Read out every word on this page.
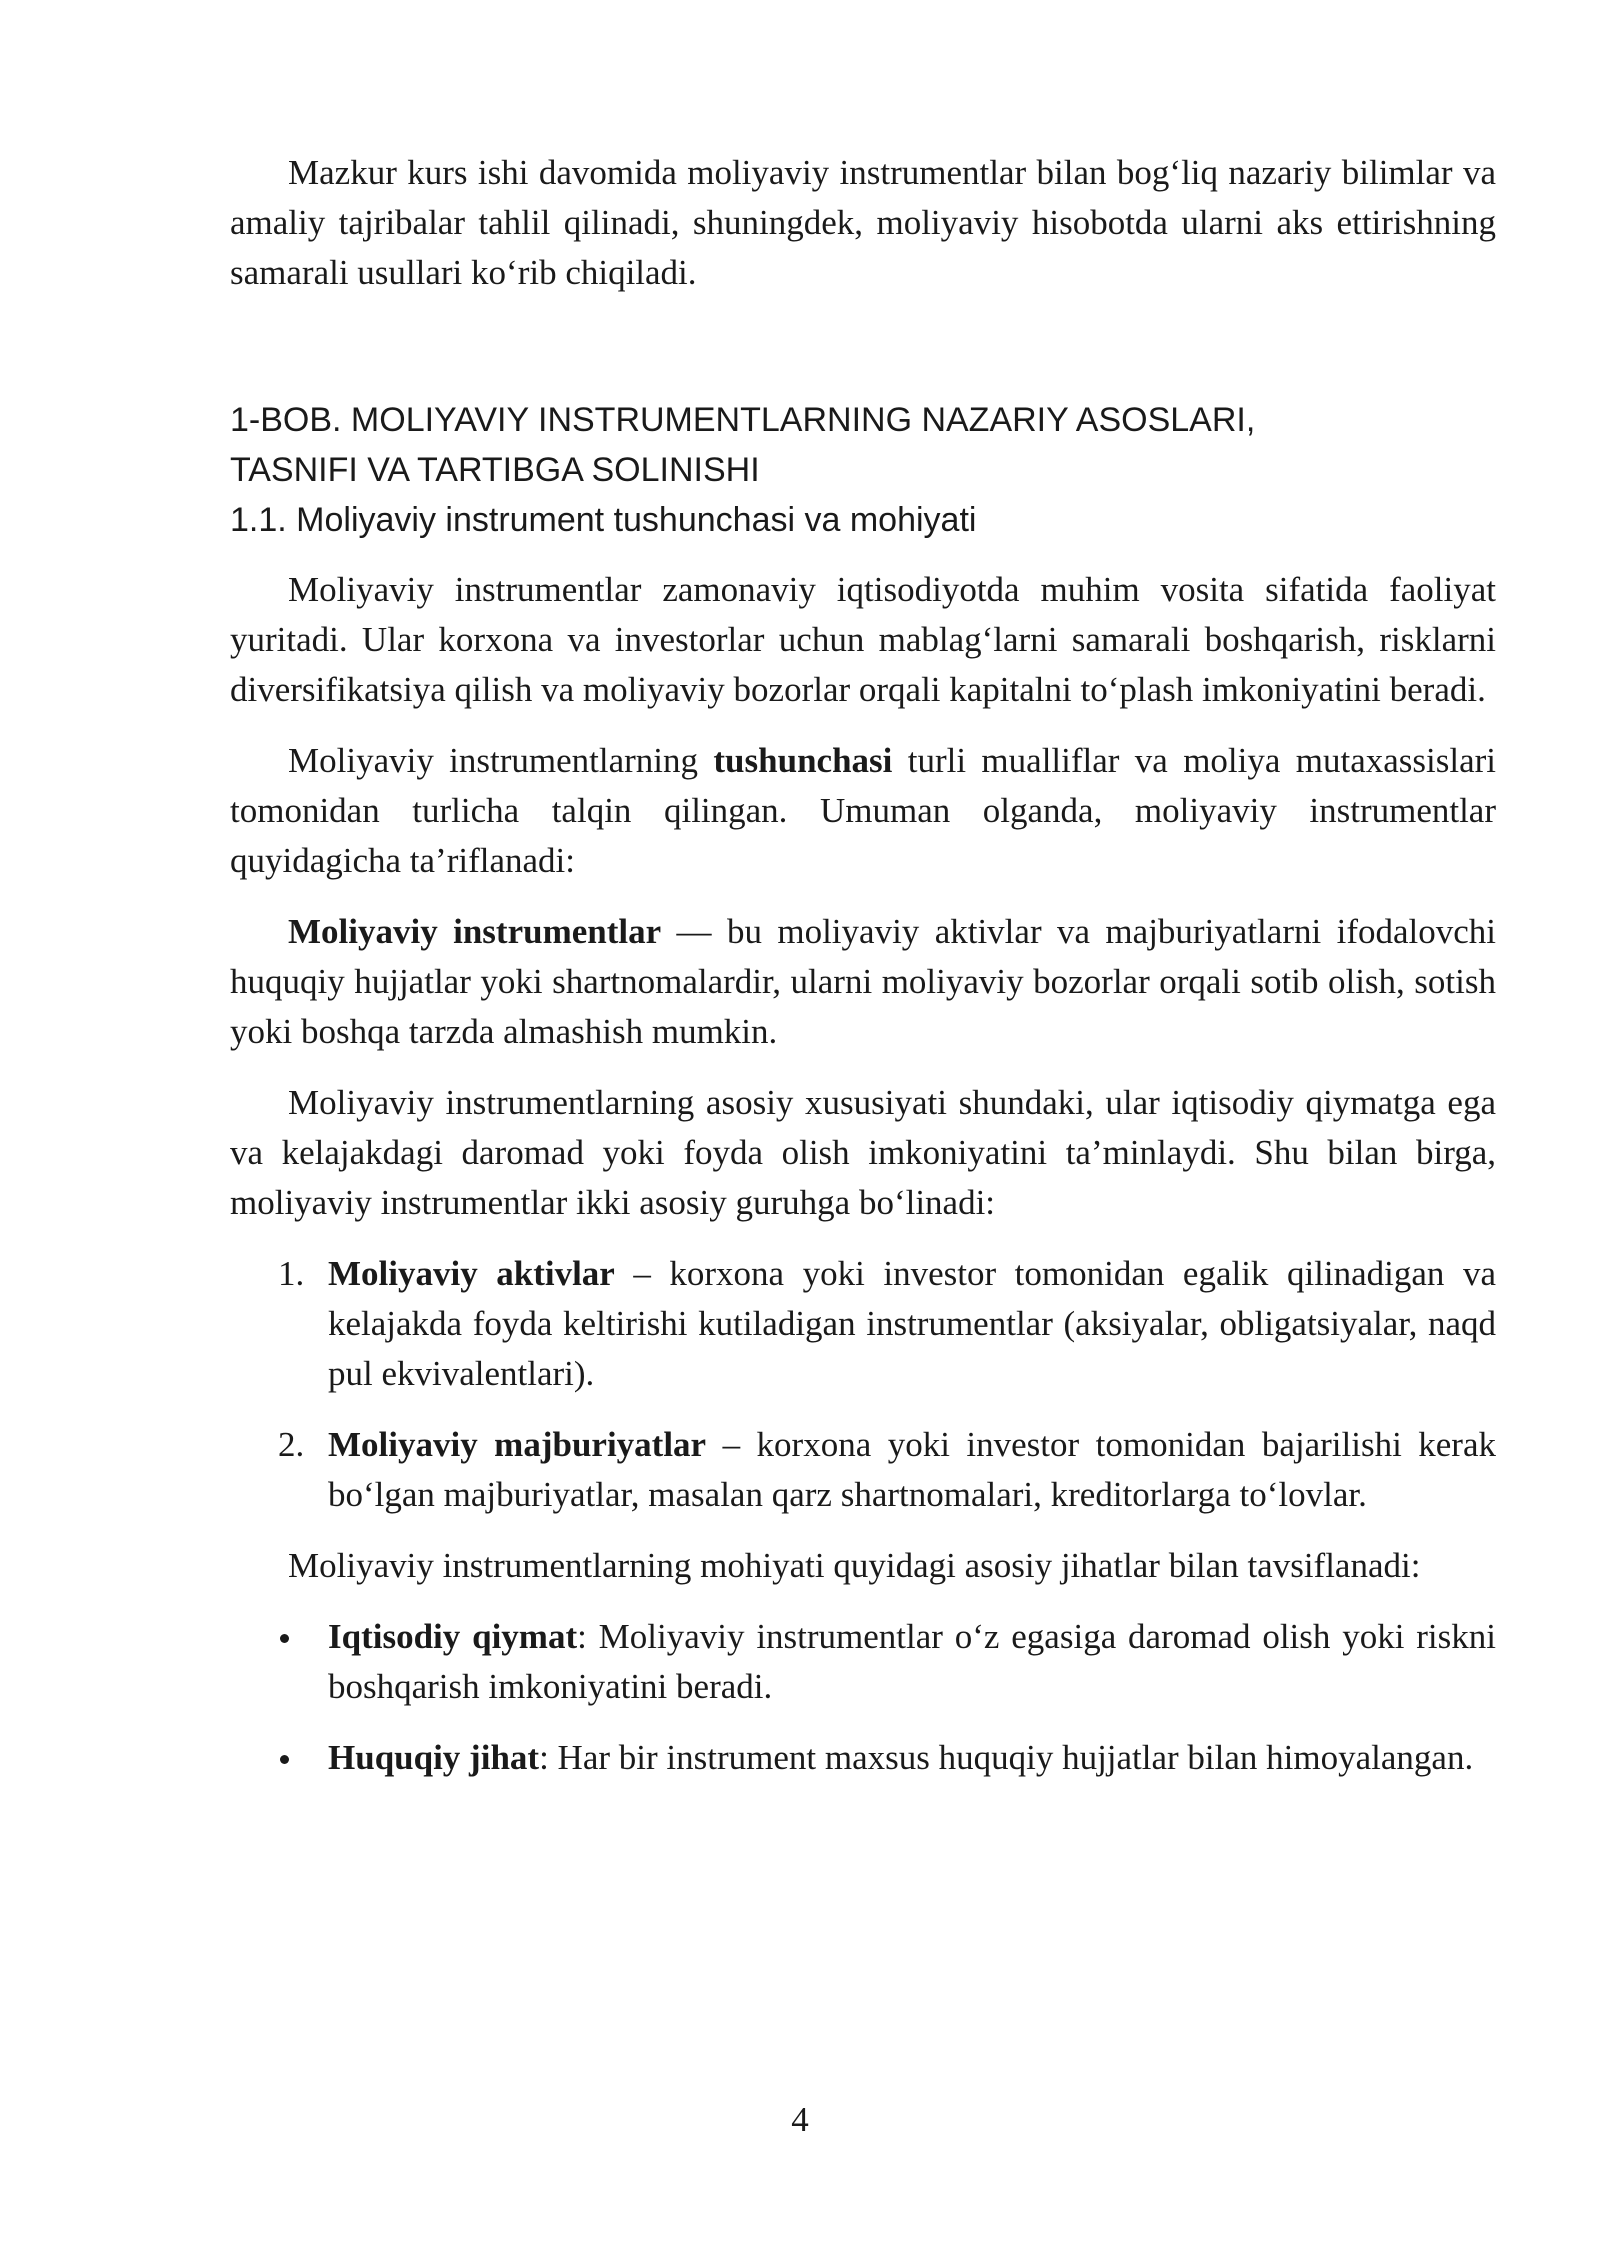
Mazkur kurs ishi davomida moliyaviy instrumentlar bilan bog‘liq nazariy bilimlar va amaliy tajribalar tahlil qilinadi, shuningdek, moliyaviy hisobotda ularni aks ettirishning samarali usullari ko‘rib chiqiladi.

1-BOB. MOLIYAVIY INSTRUMENTLARNING NAZARIY ASOSLARI,
TASNIFI VA TARTIBGA SOLINISHI
1.1. Moliyaviy instrument tushunchasi va mohiyati

Moliyaviy instrumentlar zamonaviy iqtisodiyotda muhim vosita sifatida faoliyat yuritadi. Ular korxona va investorlar uchun mablag‘larni samarali boshqarish, risklarni diversifikatsiya qilish va moliyaviy bozorlar orqali kapitalni to‘plash imkoniyatini beradi.

Moliyaviy instrumentlarning tushunchasi turli mualliflar va moliya mutaxassislari tomonidan turlicha talqin qilingan. Umuman olganda, moliyaviy instrumentlar quyidagicha ta’riflanadi:

Moliyaviy instrumentlar — bu moliyaviy aktivlar va majburiyatlarni ifodalovchi huquqiy hujjatlar yoki shartnomalardir, ularni moliyaviy bozorlar orqali sotib olish, sotish yoki boshqa tarzda almashish mumkin.

Moliyaviy instrumentlarning asosiy xususiyati shundaki, ular iqtisodiy qiymatga ega va kelajakdagi daromad yoki foyda olish imkoniyatini ta’minlaydi. Shu bilan birga, moliyaviy instrumentlar ikki asosiy guruhga bo‘linadi:

1. Moliyaviy aktivlar – korxona yoki investor tomonidan egalik qilinadigan va kelajakda foyda keltirishi kutiladigan instrumentlar (aksiyalar, obligatsiyalar, naqd pul ekvivalentlari).
2. Moliyaviy majburiyatlar – korxona yoki investor tomonidan bajarilishi kerak bo‘lgan majburiyatlar, masalan qarz shartnomalari, kreditorlarga to‘lovlar.

Moliyaviy instrumentlarning mohiyati quyidagi asosiy jihatlar bilan tavsiflanadi:

Iqtisodiy qiymat: Moliyaviy instrumentlar o‘z egasiga daromad olish yoki riskni boshqarish imkoniyatini beradi.
Huquqiy jihat: Har bir instrument maxsus huquqiy hujjatlar bilan himoyalangan.
4
